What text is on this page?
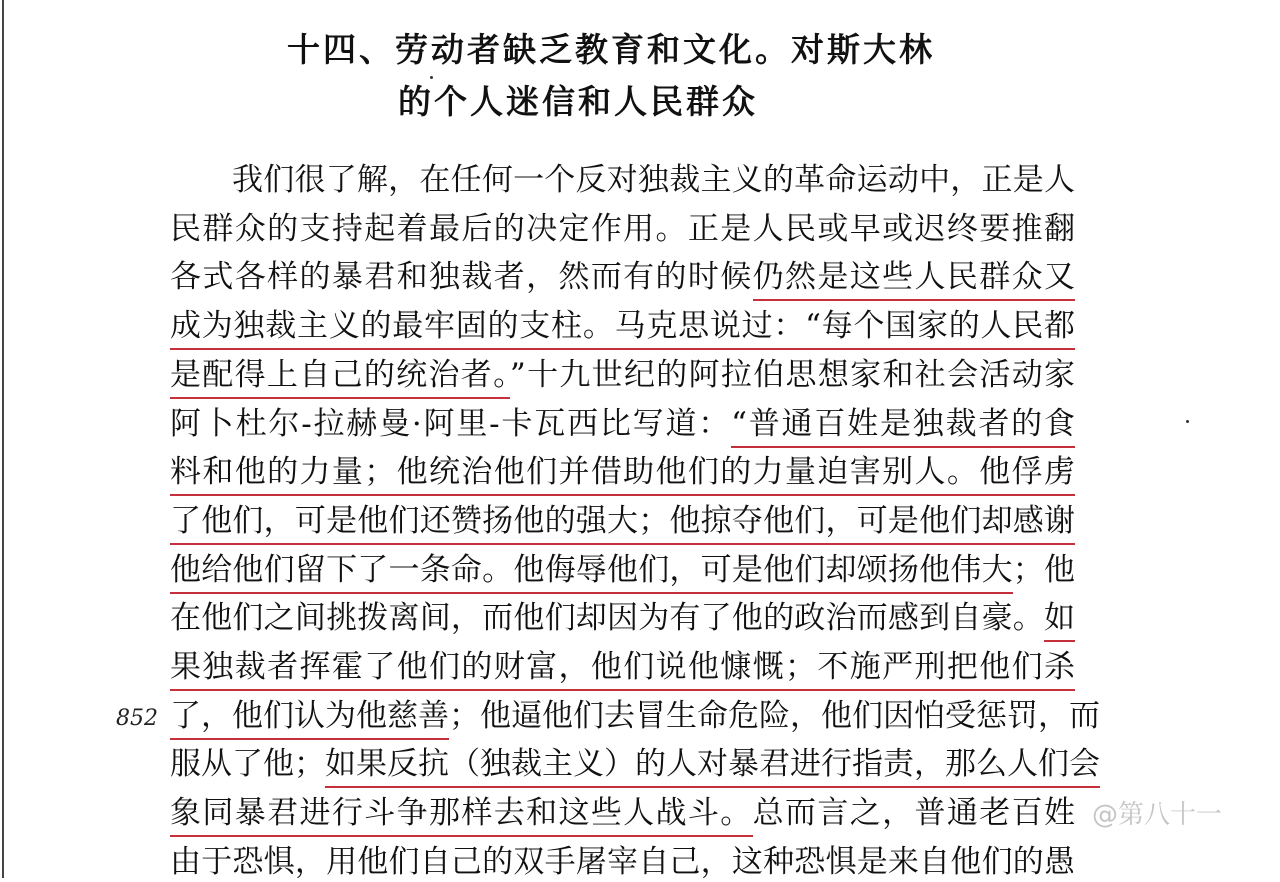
十四、劳动者缺乏教育和文化。对斯大林
的个人迷信和人民群众
我们很了解，在任何一个反对独裁主义的革命运动中，正是人
民群众的支持起着最后的决定作用。正是人民或早或迟终要推翻
各式各样的暴君和独裁者，然而有的时候仍然是这些人民群众又
成为独裁主义的最牢固的支柱。马克思说过：“每个国家的人民都
是配得上自己的统治者。”十九世纪的阿拉伯思想家和社会活动家
阿卜杜尔-拉赫曼·阿里-卡瓦西比写道：“普通百姓是独裁者的食
料和他的力量；他统治他们并借助他们的力量迫害别人。他俘虏
了他们，可是他们还赞扬他的强大；他掠夺他们，可是他们却感谢
他给他们留下了一条命。他侮辱他们，可是他们却颂扬他伟大；他
在他们之间挑拨离间，而他们却因为有了他的政治而感到自豪。如
果独裁者挥霍了他们的财富，他们说他慷慨；不施严刑把他们杀
了，他们认为他慈善；他逼他们去冒生命危险，他们因怕受惩罚，而
服从了他；如果反抗（独裁主义）的人对暴君进行指责，那么人们会
象同暴君进行斗争那样去和这些人战斗。总而言之，普通老百姓
由于恐惧，用他们自己的双手屠宰自己，这种恐惧是来自他们的愚
852
@第八十一
